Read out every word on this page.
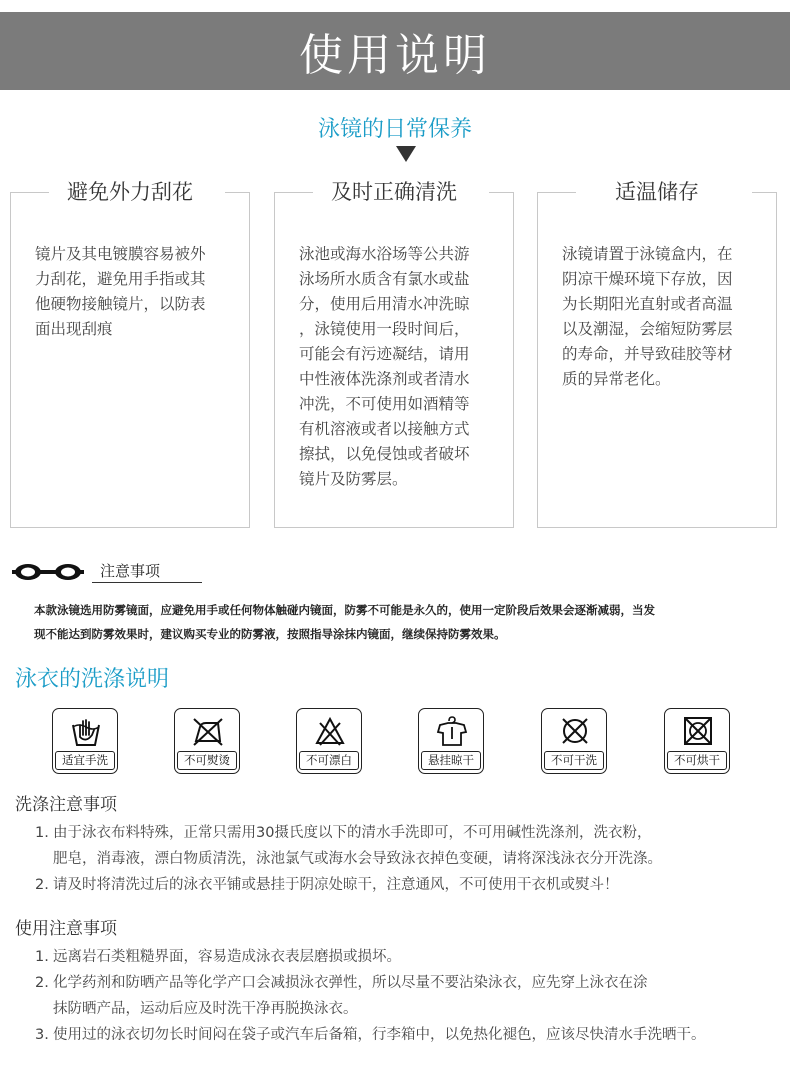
使用说明
泳镜的日常保养
避免外力刮花
镜片及其电镀膜容易被外
力刮花，避免用手指或其
他硬物接触镜片，以防表
面出现刮痕
及时正确清洗
泳池或海水浴场等公共游
泳场所水质含有氯水或盐
分，使用后用清水冲洗晾
，泳镜使用一段时间后，
可能会有污迹凝结，请用
中性液体洗涤剂或者清水
冲洗，不可使用如酒精等
有机溶液或者以接触方式
擦拭，以免侵蚀或者破坏
镜片及防雾层。
适温储存
泳镜请置于泳镜盒内，在
阴凉干燥环境下存放，因
为长期阳光直射或者高温
以及潮湿，会缩短防雾层
的寿命，并导致硅胶等材
质的异常老化。
注意事项
本款泳镜选用防雾镜面，应避免用手或任何物体触碰内镜面，防雾不可能是永久的，使用一定阶段后效果会逐渐减弱，当发
现不能达到防雾效果时，建议购买专业的防雾液，按照指导涂抹内镜面，继续保持防雾效果。
泳衣的洗涤说明
适宜手洗	不可熨烫	不可漂白	悬挂晾干	不可干洗	不可烘干
洗涤注意事项
1. 由于泳衣布料特殊，正常只需用30摄氏度以下的清水手洗即可，不可用碱性洗涤剂，洗衣粉，
肥皂，消毒液，漂白物质清洗，泳池氯气或海水会导致泳衣掉色变硬，请将深浅泳衣分开洗涤。
2. 请及时将清洗过后的泳衣平铺或悬挂于阴凉处晾干，注意通风，不可使用干衣机或熨斗！
使用注意事项
1. 远离岩石类粗糙界面，容易造成泳衣表层磨损或损坏。
2. 化学药剂和防晒产品等化学产口会减损泳衣弹性，所以尽量不要沾染泳衣，应先穿上泳衣在涂
抹防晒产品，运动后应及时洗干净再脱换泳衣。
3. 使用过的泳衣切勿长时间闷在袋子或汽车后备箱，行李箱中，以免热化褪色，应该尽快清水手洗晒干。
